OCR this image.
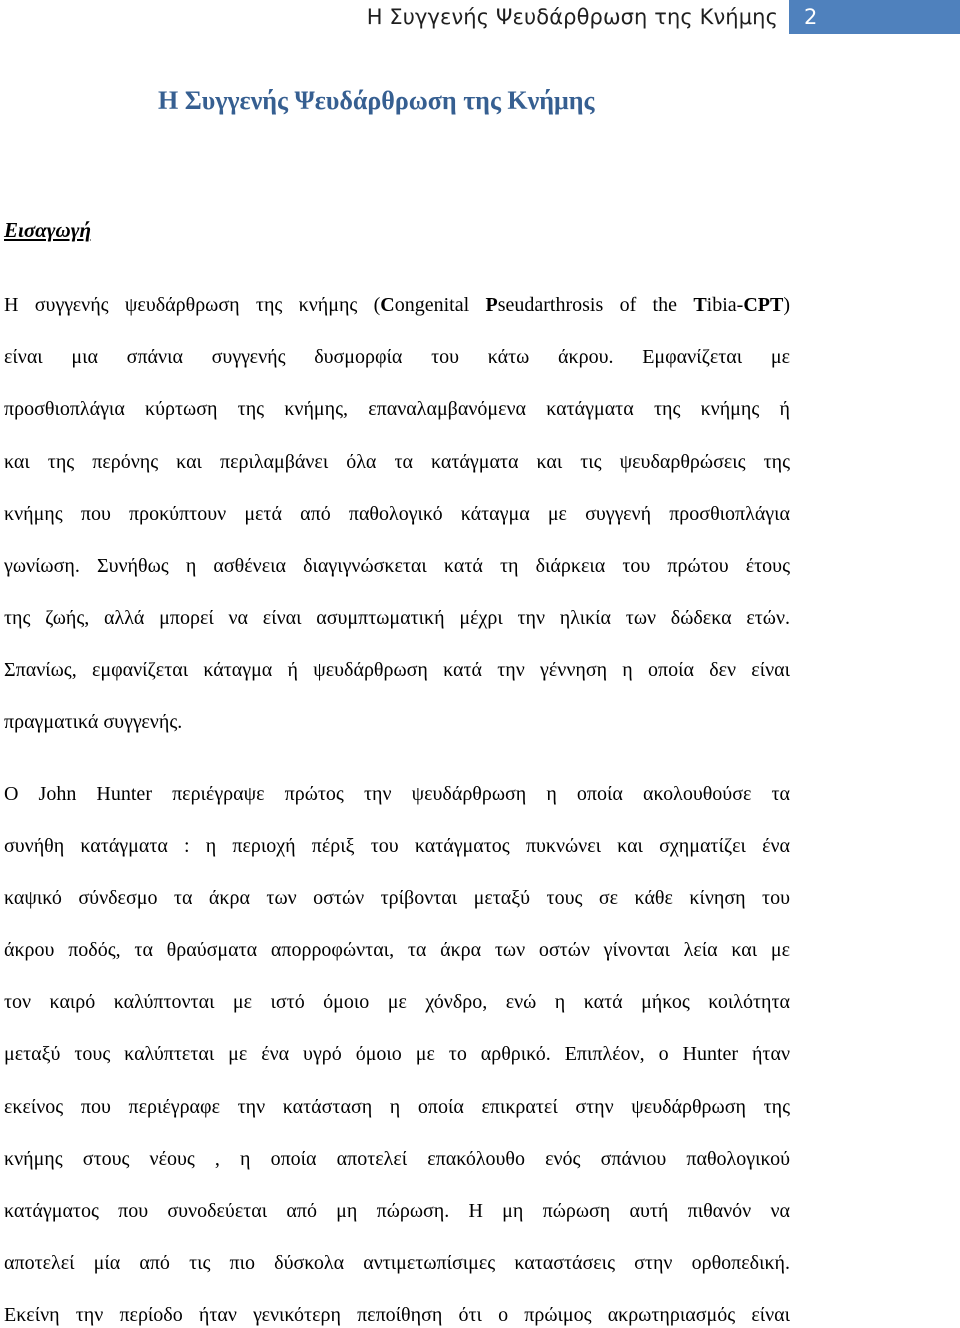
Η Συγγενής Ψευδάρθρωση της Κνήμης 2
Η Συγγενής Ψευδάρθρωση της Κνήμης
Εισαγωγή
Η συγγενής ψευδάρθρωση της κνήμης (Congenital Pseudarthrosis of the Tibia-CPT)
είναι μια σπάνια συγγενής δυσμορφία του κάτω άκρου. Εμφανίζεται με
προσθιοπλάγια κύρτωση της κνήμης, επαναλαμβανόμενα κατάγματα της κνήμης ή
και της περόνης και περιλαμβάνει όλα τα κατάγματα και τις ψευδαρθρώσεις της
κνήμης που προκύπτουν μετά από παθολογικό κάταγμα με συγγενή προσθιοπλάγια
γωνίωση. Συνήθως η ασθένεια διαγιγνώσκεται κατά τη διάρκεια του πρώτου έτους
της ζωής, αλλά μπορεί να είναι ασυμπτωματική μέχρι την ηλικία των δώδεκα ετών.
Σπανίως, εμφανίζεται κάταγμα ή ψευδάρθρωση κατά την γέννηση η οποία δεν είναι
πραγματικά συγγενής.
Ο John Hunter περιέγραψε πρώτος την ψευδάρθρωση η οποία ακολουθούσε τα
συνήθη κατάγματα : η περιοχή πέριξ του κατάγματος πυκνώνει και σχηματίζει ένα
καψικό σύνδεσμο τα άκρα των οστών τρίβονται μεταξύ τους σε κάθε κίνηση του
άκρου ποδός, τα θραύσματα απορροφώνται, τα άκρα των οστών γίνονται λεία και με
τον καιρό καλύπτονται με ιστό όμοιο με χόνδρο, ενώ η κατά μήκος κοιλότητα
μεταξύ τους καλύπτεται με ένα υγρό όμοιο με το αρθρικό. Επιπλέον, ο Hunter ήταν
εκείνος που περιέγραφε την κατάσταση η οποία επικρατεί στην ψευδάρθρωση της
κνήμης στους νέους , η οποία αποτελεί επακόλουθο ενός σπάνιου παθολογικού
κατάγματος που συνοδεύεται από μη πώρωση. Η μη πώρωση αυτή πιθανόν να
αποτελεί μία από τις πιο δύσκολα αντιμετωπίσιμες καταστάσεις στην ορθοπεδική.
Εκείνη την περίοδο ήταν γενικότερη πεποίθηση ότι ο πρώιμος ακρωτηριασμός είναι
